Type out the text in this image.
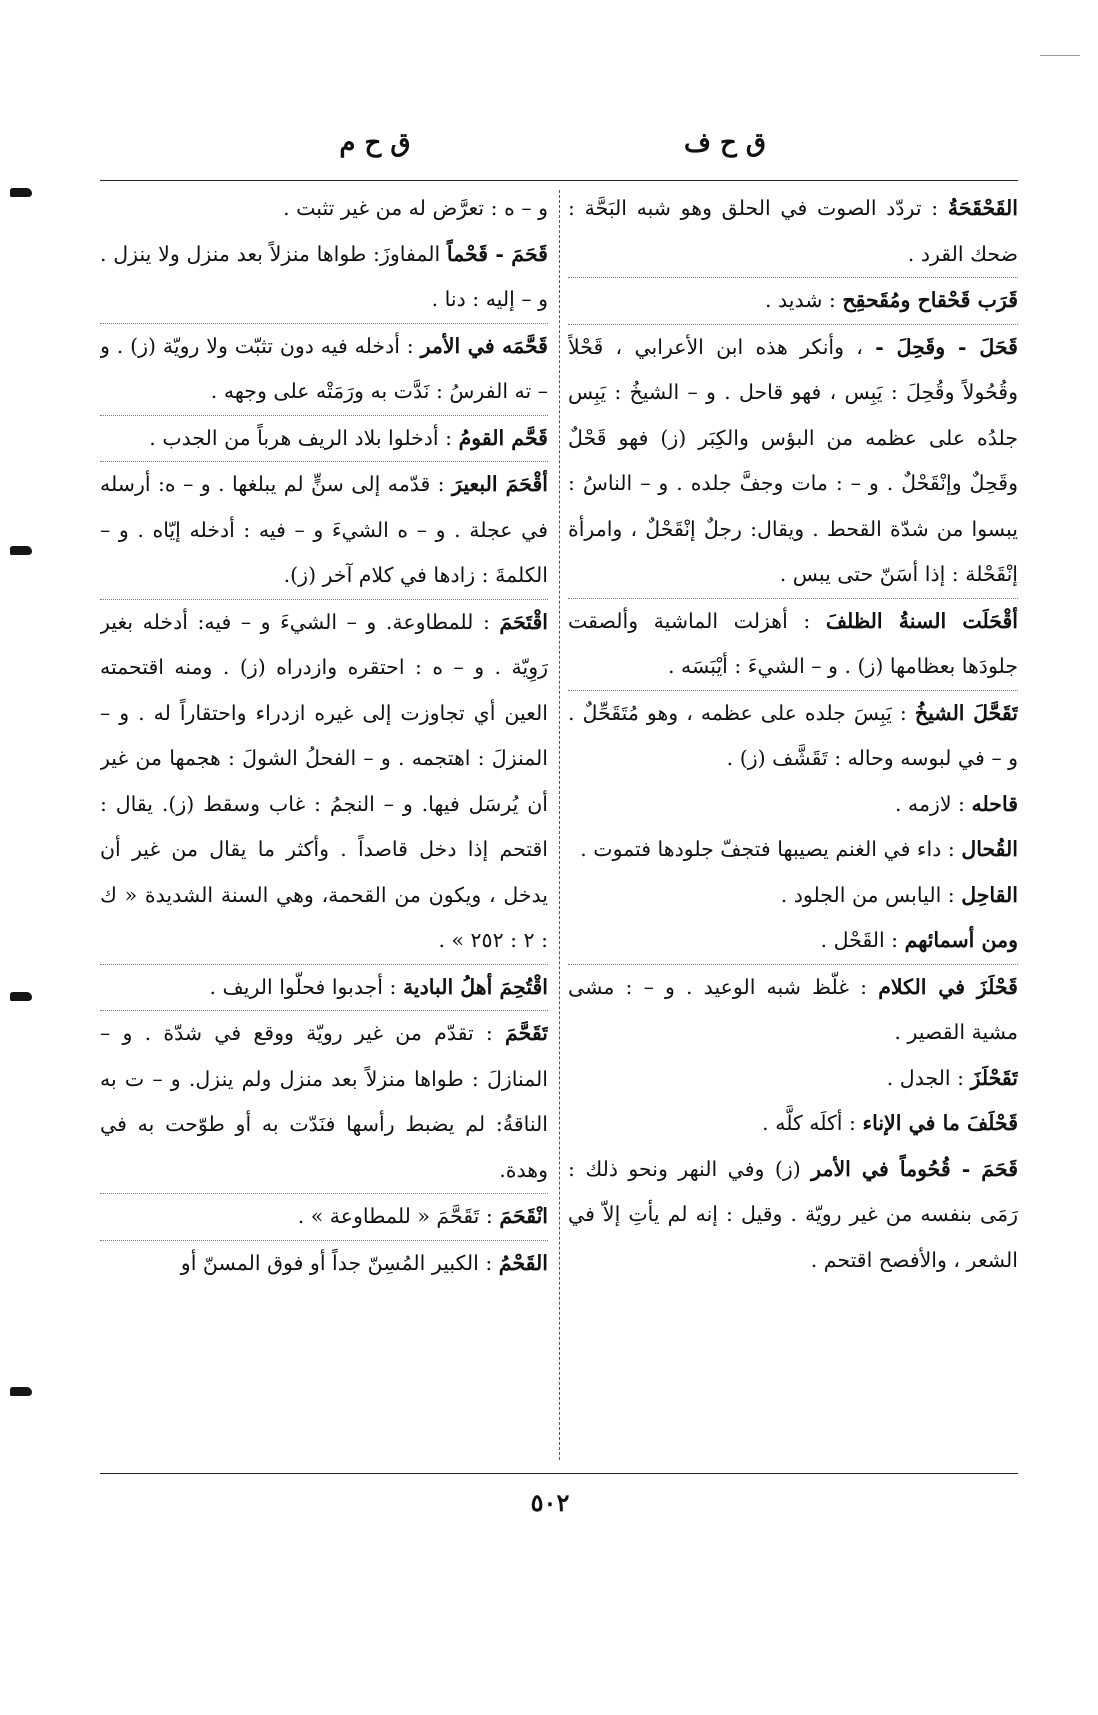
ق ح ف
ق ح م

القَحْقَحَةُ : تردّد الصوت في الحلق وهو شبه البَحَّة : ضحك القرد .

قَرَب قَحْقاح ومُقَحقِح : شديد .

قَحَلَ - وقَحِلَ - ، وأنكر هذه ابن الأعرابي ، قَحْلاً وقُحُولاً وقُحِلَ : يَبِس ، فهو قاحل . و – الشيخُ : يَبِس جلدُه على عظمه من البؤس والكِبَر (ز) فهو قَحْلٌ وقَحِلٌ وإنْقَحْلٌ . و – : مات وجفَّ جلده . و – الناسُ : يبسوا من شدّة القحط . ويقال: رجلٌ إنْقَحْلٌ ، وامرأة إنْقَحْلة : إذا أسَنّ حتى يبس .

أقْحَلَت السنةُ الظلفَ : أهزلت الماشية وألصقت جلودَها بعظامها (ز) . و – الشيءَ : أيْبَسَه .

تَقَحَّلَ الشيخُ : يَبِسَ جلده على عظمه ، وهو مُتَقَحِّلٌ . و – في لبوسه وحاله : تَقَشَّف (ز) .

قاحله : لازمه .

القُحال : داء في الغنم يصيبها فتجفّ جلودها فتموت .

القاحِل : اليابس من الجلود .

ومن أسمائهم : القَحْل .

قَحْلَزَ في الكلام : غلّظ شبه الوعيد . و – : مشى مشية القصير .

تَقَحْلَزَ : الجدل .

قَحْلَفَ ما في الإناء : أكلَه كلَّه .

قَحَمَ - قُحُوماً في الأمر (ز) وفي النهر ونحو ذلك : رَمَى بنفسه من غير رويّة . وقيل : إنه لم يأتِ إلاّ في الشعر ، والأفصح اقتحم .

و – ه : تعرَّض له من غير تثبت .

قَحَمَ - قَحْماً المفاوزَ: طواها منزلاً بعد منزل ولا ينزل . و – إليه : دنا .

قَحَّمَه في الأمر : أدخله فيه دون تثبّت ولا رويّة (ز) . و – ته الفرسُ : نَدَّت به ورَمَتْه على وجهه .

قَحَّم القومُ : أدخلوا بلاد الريف هرباً من الجدب .

أقْحَمَ البعيرَ : قدّمه إلى سنٍّ لم يبلغها . و – ه: أرسله في عجلة . و – ه الشيءَ و – فيه : أدخله إيّاه . و – الكلمةَ : زادها في كلام آخر (ز).

اقْتَحَمَ : للمطاوعة. و – الشيءَ و – فيه: أدخله بغير رَوِيّة . و – ه : احتقره وازدراه (ز) . ومنه اقتحمته العين أي تجاوزت إلى غيره ازدراء واحتقاراً له . و – المنزلَ : اهتجمه . و – الفحلُ الشولَ : هجمها من غير أن يُرسَل فيها. و – النجمُ : غاب وسقط (ز). يقال : اقتحم إذا دخل قاصداً . وأكثر ما يقال من غير أن يدخل ، ويكون من القحمة، وهي السنة الشديدة « ك : ٢ : ٢٥٢ » .

اقْتُحِمَ أهلُ البادية : أجدبوا فحلّوا الريف .

تَقَحَّمَ : تقدّم من غير رويّة ووقع في شدّة . و – المنازلَ : طواها منزلاً بعد منزل ولم ينزل. و – ت به الناقةُ: لم يضبط رأسها فنَدّت به أو طوّحت به في وهدة.

انْقَحَمَ : تَقَحَّمَ « للمطاوعة » .

القَحْمُ : الكبير المُسِنّ جداً أو فوق المسنّ أو

٥٠٢
